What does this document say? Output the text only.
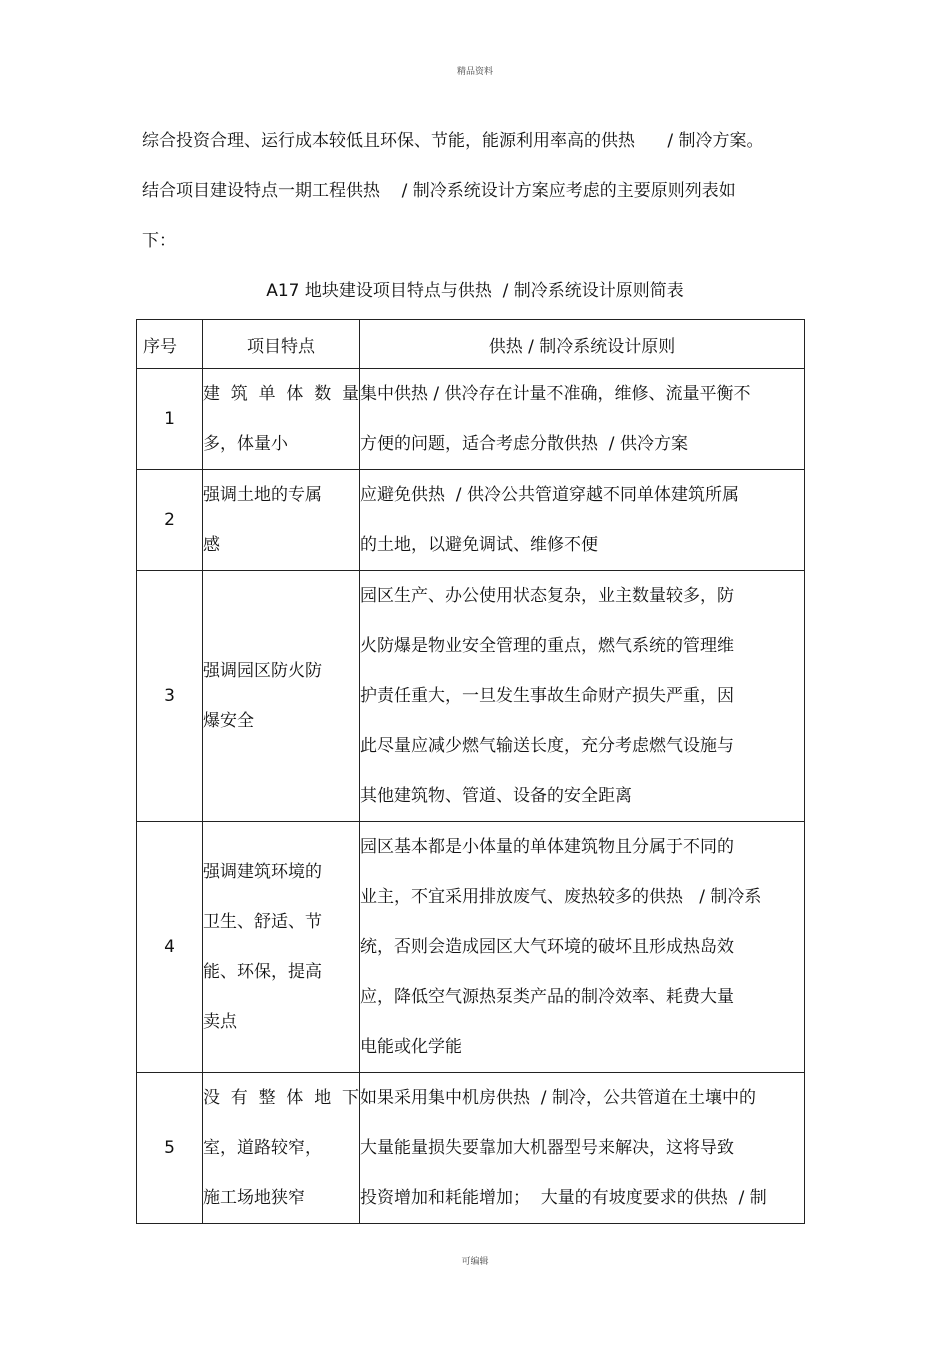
精品资料
综合投资合理、运行成本较低且环保、节能，能源利用率高的供热      / 制冷方案。
结合项目建设特点一期工程供热    / 制冷系统设计方案应考虑的主要原则列表如
下：
A17 地块建设项目特点与供热  / 制冷系统设计原则简表
序号	项目特点	供热 / 制冷系统设计原则
1	建 筑 单 体 数 量
多，体量小	集中供热 / 供冷存在计量不准确，维修、流量平衡不
方便的问题，适合考虑分散供热  / 供冷方案

2	强调土地的专属
感	应避免供热  / 供冷公共管道穿越不同单体建筑所属
的土地，以避免调试、维修不便

3	强调园区防火防
爆安全	园区生产、办公使用状态复杂，业主数量较多，防
火防爆是物业安全管理的重点，燃气系统的管理维
护责任重大，一旦发生事故生命财产损失严重，因
此尽量应减少燃气输送长度，充分考虑燃气设施与
其他建筑物、管道、设备的安全距离

4	强调建筑环境的
卫生、舒适、节
能、环保，提高
卖点	园区基本都是小体量的单体建筑物且分属于不同的
业主，不宜采用排放废气、废热较多的供热   / 制冷系
统，否则会造成园区大气环境的破坏且形成热岛效
应，降低空气源热泵类产品的制冷效率、耗费大量
电能或化学能

5	没 有 整 体 地 下
室，道路较窄，
施工场地狭窄	如果采用集中机房供热  / 制冷，公共管道在土壤中的
大量能量损失要靠加大机器型号来解决，这将导致
投资增加和耗能增加；  大量的有坡度要求的供热  / 制
可编辑
